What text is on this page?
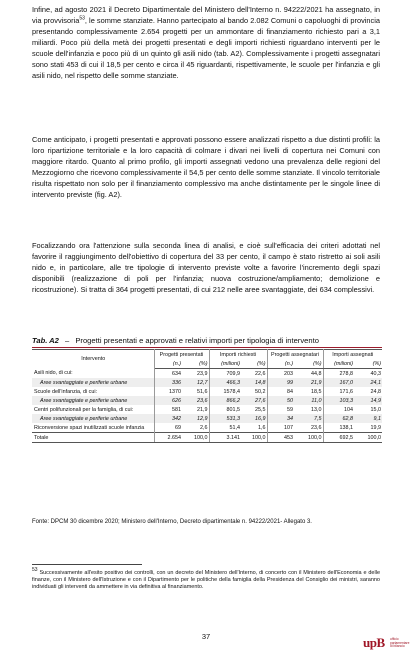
Infine, ad agosto 2021 il Decreto Dipartimentale del Ministero dell'Interno n. 94222/2021 ha assegnato, in via provvisoria$^{53}$, le somme stanziate. Hanno partecipato al bando 2.082 Comuni o capoluoghi di provincia presentando complessivamente 2.654 progetti per un ammontare di finanziamento richiesto pari a 3,1 miliardi. Poco più della metà dei progetti presentati e degli importi richiesti riguardano interventi per le scuole dell'infanzia e poco più di un quinto gli asili nido (tab. A2). Complessivamente i progetti assegnatari sono stati 453 di cui il 18,5 per cento e circa il 45 riguardanti, rispettivamente, le scuole per l'infanzia e gli asili nido, nel rispetto delle somme stanziate.

Come anticipato, i progetti presentati e approvati possono essere analizzati rispetto a due distinti profili: la loro ripartizione territoriale e la loro capacità di colmare i divari nei livelli di copertura nei Comuni con maggiore ritardo. Quanto al primo profilo, gli importi assegnati vedono una prevalenza delle regioni del Mezzogiorno che ricevono complessivamente il 54,5 per cento delle somme stanziate. Il vincolo territoriale risulta rispettato non solo per il finanziamento complessivo ma anche distintamente per le singole linee di intervento previste (fig. A2).

Focalizzando ora l'attenzione sulla seconda linea di analisi, e cioè sull'efficacia dei criteri adottati nel favorire il raggiungimento dell'obiettivo di copertura del 33 per cento, il campo è stato ristretto ai soli asili nido e, in particolare, alle tre tipologie di intervento previste volte a favorire l'incremento degli spazi disponibili (realizzazione di poli per l'infanzia; nuova costruzione/ampliamento; demolizione e ricostruzione). Si tratta di 364 progetti presentati, di cui 212 nelle aree svantaggiate, dei 634 complessivi.

Tab. A2 – Progetti presentati e approvati e relativi importi per tipologia di intervento
Intervento	Progetti presentati		Importi richiesti		Progetti assegnatari		Importi assegnati	
	(n.)	(%)	(milioni)	(%)	(n.)	(%)	(milioni)	(%)
Asili nido, di cui:	634	23,9	709,9	22,6	203	44,8	278,8	40,3
Aree svantaggiate e periferie urbane	336	12,7	466,3	14,8	99	21,9	167,0	24,1
Scuole dell'infanzia, di cui:	1370	51,6	1578,4	50,2	84	18,5	171,6	24,8
Aree svantaggiate e periferie urbane	626	23,6	866,2	27,6	50	11,0	103,3	14,9
Centri polifunzionali per la famiglia, di cui:	581	21,9	801,5	25,5	59	13,0	104	15,0
Aree svantaggiate e periferie urbane	342	12,9	531,3	16,9	34	7,5	62,8	9,1
Riconversione spazi inutilizzati scuole infanzia	69	2,6	51,4	1,6	107	23,6	138,1	19,9
Totale	2.654	100,0	3.141	100,0	453	100,0	692,5	100,0
Fonte: DPCM 30 dicembre 2020; Ministero dell'Interno, Decreto dipartimentale n. 94222/2021- Allegato 3.

$^{53}$ Successivamente all'esito positivo dei controlli, con un decreto del Ministero dell'Interno, di concerto con il Ministero dell'Economia e delle finanze, con il Ministero dell'Istruzione e con il Dipartimento per le politiche della famiglia della Presidenza del Consiglio dei ministri, saranno individuati gli interventi da ammettere in via definitiva al finanziamento.

37	upB ufficio
parlamentare
di bilancio
